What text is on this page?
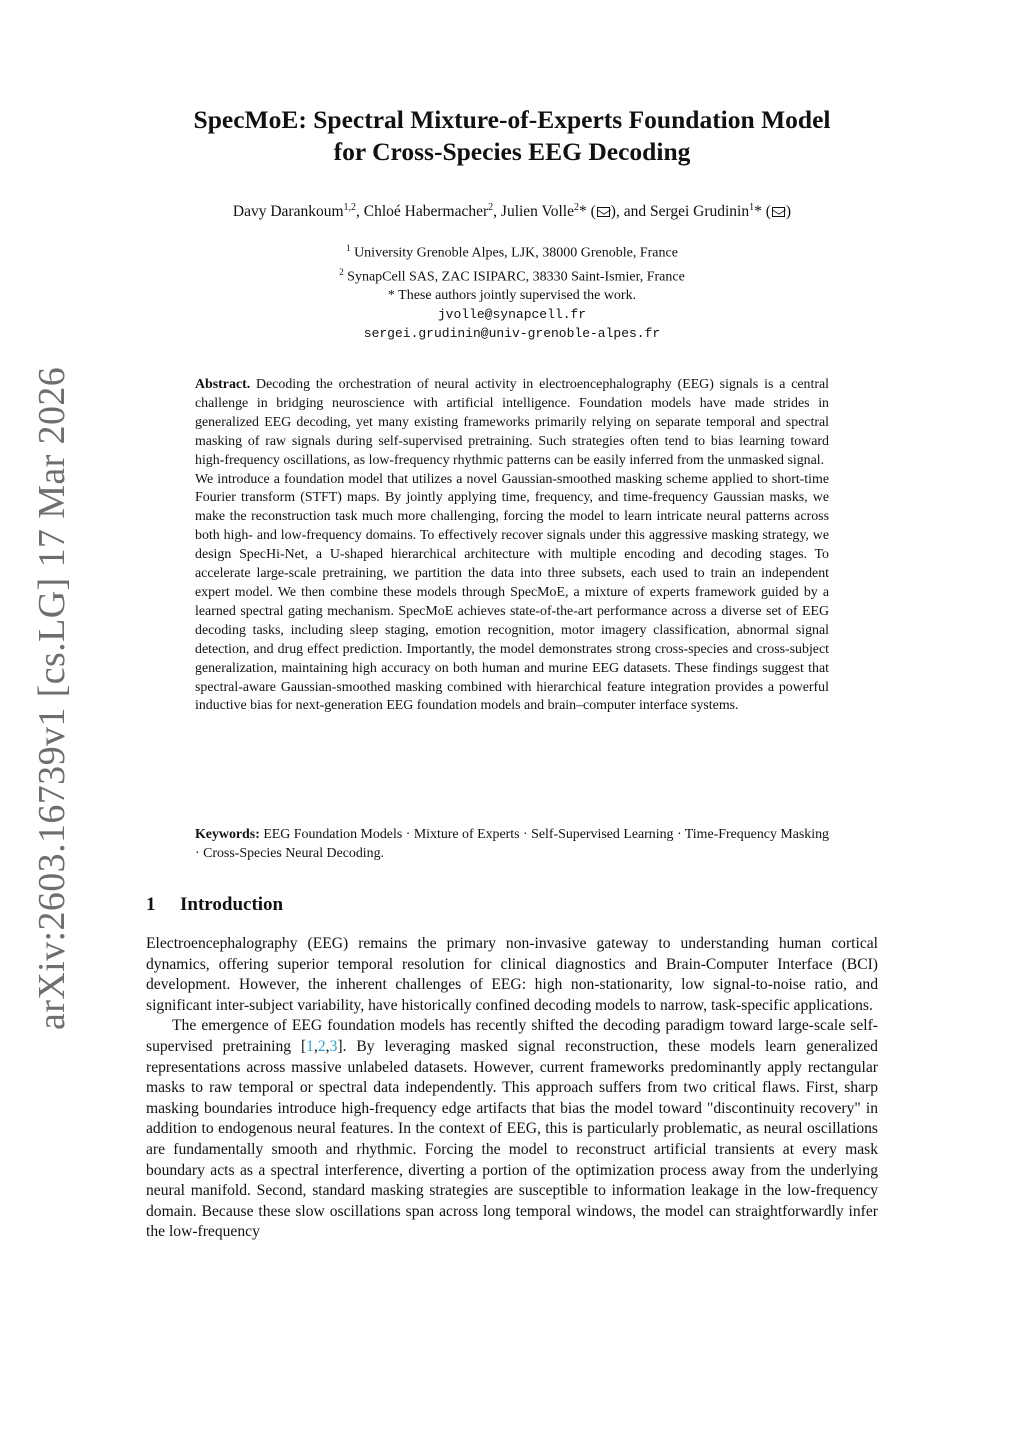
arXiv:2603.16739v1 [cs.LG] 17 Mar 2026
SpecMoE: Spectral Mixture-of-Experts Foundation Model
for Cross-Species EEG Decoding
Davy Darankoum$^{1,2}$, Chloé Habermacher$^2$, Julien Volle$^2$* ( ), and Sergei Grudinin$^1$* ( )
$^1$ University Grenoble Alpes, LJK, 38000 Grenoble, France
$^2$ SynapCell SAS, ZAC ISIPARC, 38330 Saint-Ismier, France
* These authors jointly supervised the work.
jvolle@synapcell.fr
sergei.grudinin@univ-grenoble-alpes.fr

Abstract. Decoding the orchestration of neural activity in electroencephalography (EEG) signals is a central challenge in bridging neuroscience with artificial intelligence. Foundation models have made strides in generalized EEG decoding, yet many existing frameworks primarily relying on separate temporal and spectral masking of raw signals during self-supervised pretraining. Such strategies often tend to bias learning toward high-frequency oscillations, as low-frequency rhythmic patterns can be easily inferred from the unmasked signal.

We introduce a foundation model that utilizes a novel Gaussian-smoothed masking scheme applied to short-time Fourier transform (STFT) maps. By jointly applying time, frequency, and time-frequency Gaussian masks, we make the reconstruction task much more challenging, forcing the model to learn intricate neural patterns across both high- and low-frequency domains. To effectively recover signals under this aggressive masking strategy, we design SpecHi-Net, a U-shaped hierarchical architecture with multiple encoding and decoding stages. To accelerate large-scale pretraining, we partition the data into three subsets, each used to train an independent expert model. We then combine these models through SpecMoE, a mixture of experts framework guided by a learned spectral gating mechanism. SpecMoE achieves state-of-the-art performance across a diverse set of EEG decoding tasks, including sleep staging, emotion recognition, motor imagery classification, abnormal signal detection, and drug effect prediction. Importantly, the model demonstrates strong cross-species and cross-subject generalization, maintaining high accuracy on both human and murine EEG datasets. These findings suggest that spectral-aware Gaussian-smoothed masking combined with hierarchical feature integration provides a powerful inductive bias for next-generation EEG foundation models and brain–computer interface systems.

Keywords: EEG Foundation Models · Mixture of Experts · Self-Supervised Learning · Time-Frequency Masking · Cross-Species Neural Decoding.
1 Introduction

Electroencephalography (EEG) remains the primary non-invasive gateway to understanding human cortical dynamics, offering superior temporal resolution for clinical diagnostics and Brain-Computer Interface (BCI) development. However, the inherent challenges of EEG: high non-stationarity, low signal-to-noise ratio, and significant inter-subject variability, have historically confined decoding models to narrow, task-specific applications.

The emergence of EEG foundation models has recently shifted the decoding paradigm toward large-scale self-supervised pretraining [1,2,3]. By leveraging masked signal reconstruction, these models learn generalized representations across massive unlabeled datasets. However, current frameworks predominantly apply rectangular masks to raw temporal or spectral data independently. This approach suffers from two critical flaws. First, sharp masking boundaries introduce high-frequency edge artifacts that bias the model toward "discontinuity recovery" in addition to endogenous neural features. In the context of EEG, this is particularly problematic, as neural oscillations are fundamentally smooth and rhythmic. Forcing the model to reconstruct artificial transients at every mask boundary acts as a spectral interference, diverting a portion of the optimization process away from the underlying neural manifold. Second, standard masking strategies are susceptible to information leakage in the low-frequency domain. Because these slow oscillations span across long temporal windows, the model can straightforwardly infer the low-frequency
